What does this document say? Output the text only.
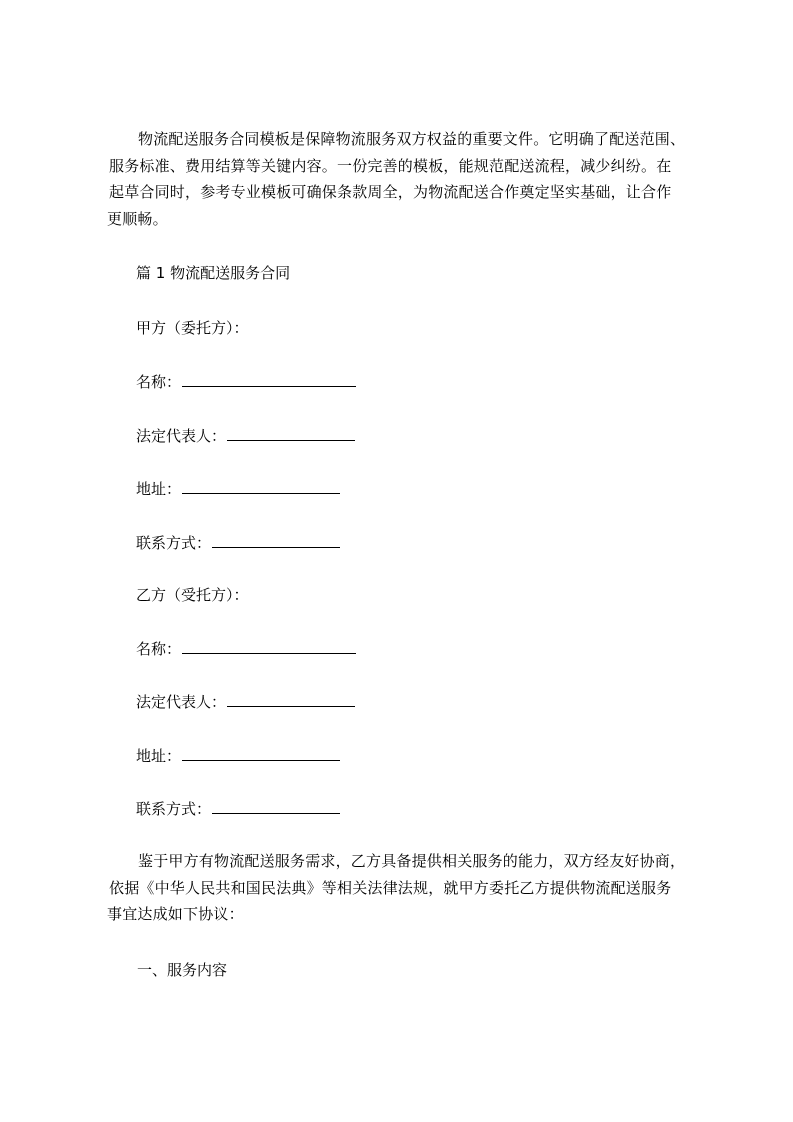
物流配送服务合同模板是保障物流服务双方权益的重要文件。它明确了配送范围、
服务标准、费用结算等关键内容。一份完善的模板，能规范配送流程，减少纠纷。在
起草合同时，参考专业模板可确保条款周全，为物流配送合作奠定坚实基础，让合作
更顺畅。
篇 1 物流配送服务合同
甲方（委托方）：
名称：
法定代表人：
地址：
联系方式：
乙方（受托方）：
名称：
法定代表人：
地址：
联系方式：
鉴于甲方有物流配送服务需求，乙方具备提供相关服务的能力，双方经友好协商，
依据《中华人民共和国民法典》等相关法律法规，就甲方委托乙方提供物流配送服务
事宜达成如下协议：
一、服务内容
